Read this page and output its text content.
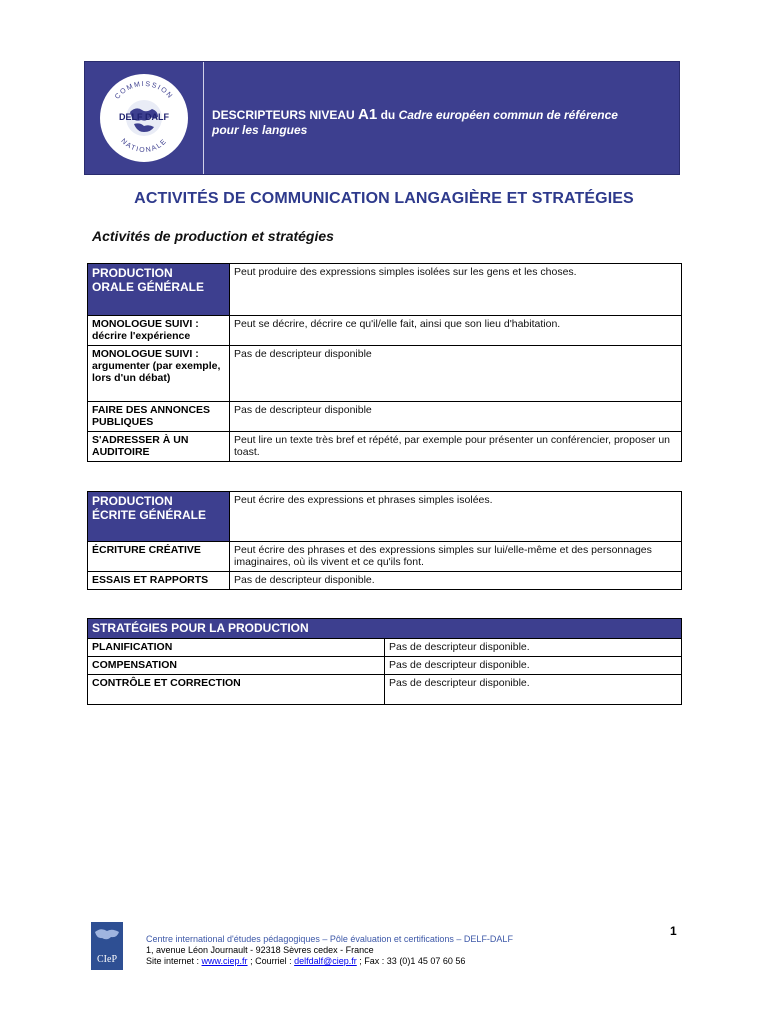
COMMISSION
NATIONALE
DELF DALF	DESCRIPTEURS NIVEAU A1 du Cadre européen commun de référence
pour les langues
ACTIVITÉS DE COMMUNICATION LANGAGIÈRE ET STRATÉGIES
Activités de production et stratégies
PRODUCTION
ORALE GÉNÉRALE	Peut produire des expressions simples isolées sur les gens et les choses.
MONOLOGUE SUIVI : décrire l'expérience	Peut se décrire, décrire ce qu'il/elle fait, ainsi que son lieu d'habitation.
MONOLOGUE SUIVI : argumenter (par exemple, lors d'un débat)	Pas de descripteur disponible
FAIRE DES ANNONCES PUBLIQUES	Pas de descripteur disponible
S'ADRESSER À UN AUDITOIRE	Peut lire un texte très bref et répété, par exemple pour présenter un conférencier, proposer un toast.
PRODUCTION
ÉCRITE GÉNÉRALE	Peut écrire des expressions et phrases simples isolées.
ÉCRITURE CRÉATIVE	Peut écrire des phrases et des expressions simples sur lui/elle-même et des personnages imaginaires, où ils vivent et ce qu'ils font.
ESSAIS ET RAPPORTS	Pas de descripteur disponible.
STRATÉGIES POUR LA PRODUCTION	
PLANIFICATION	Pas de descripteur disponible.
COMPENSATION	Pas de descripteur disponible.
CONTRÔLE ET CORRECTION	Pas de descripteur disponible.
CIeP
1
Centre international d'études pédagogiques – Pôle évaluation et certifications – DELF-DALF
1, avenue Léon Journault - 92318 Sèvres cedex - France
Site internet : www.ciep.fr ; Courriel : delfdalf@ciep.fr ; Fax : 33 (0)1 45 07 60 56
